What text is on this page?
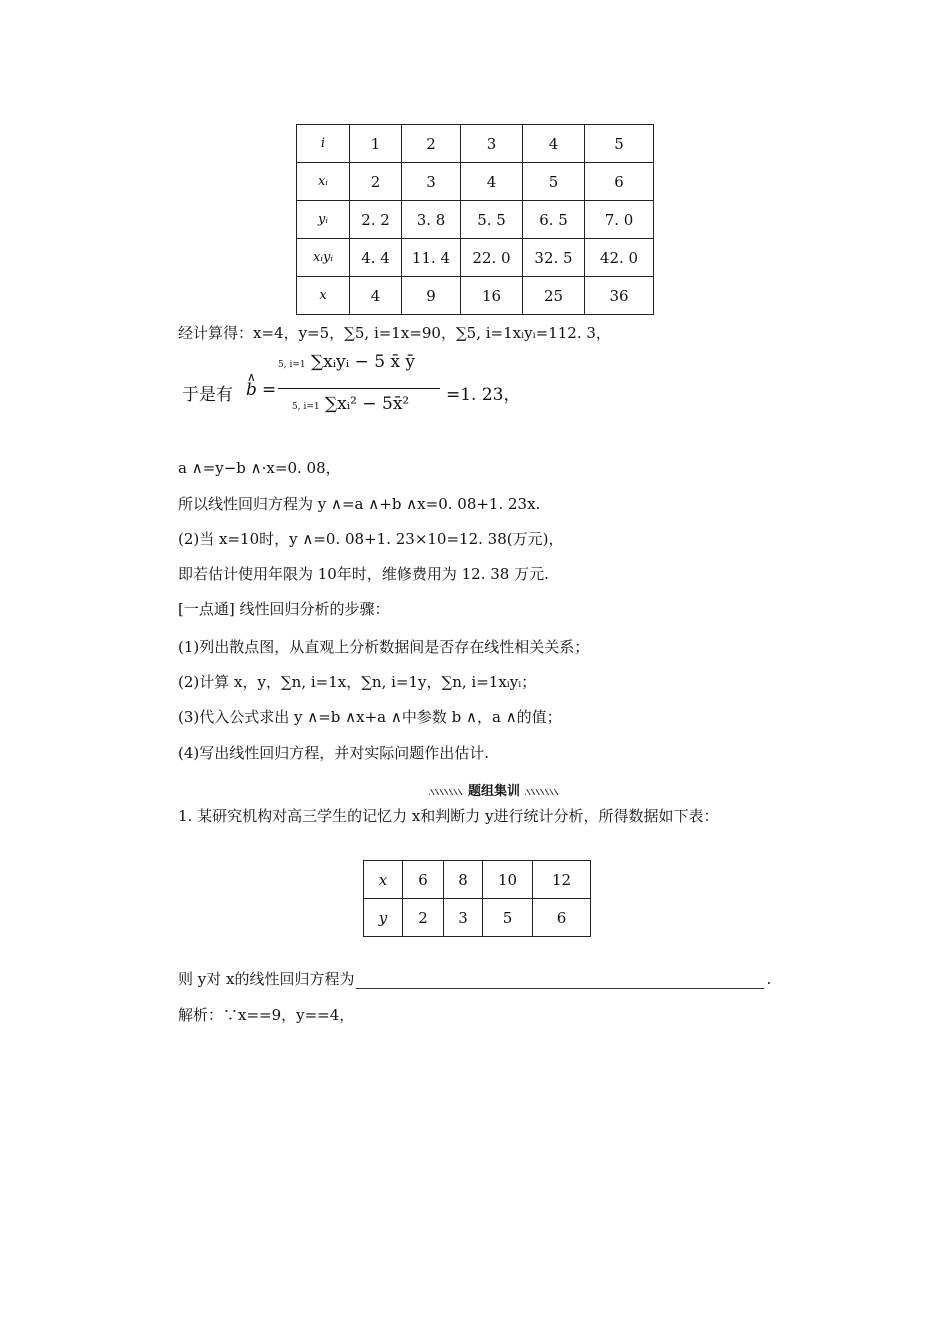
i	1	2	3	4	5
xᵢ	2	3	4	5	6
yᵢ	2. 2	3. 8	5. 5	6. 5	7. 0
xᵢyᵢ	4. 4	11. 4	22. 0	32. 5	42. 0
x	4	9	16	25	36
经计算得：x=4，y=5，∑5, i=1x=90，∑5, i=1xᵢyᵢ=112. 3，
于是有
∧
b =
5, i=1 ∑xᵢyᵢ − 5 x̄ ȳ
5, i=1 ∑xᵢ² − 5x̄² =1. 23，
a ∧=y−b ∧·x=0. 08，
所以线性回归方程为 y ∧=a ∧+b ∧x=0. 08+1. 23x.
(2)当 x=10时，y ∧=0. 08+1. 23×10=12. 38(万元)，
即若估计使用年限为 10年时，维修费用为 12. 38 万元.
[一点通] 线性回归分析的步骤：
(1)列出散点图，从直观上分析数据间是否存在线性相关关系；
(2)计算 x，y，∑n, i=1x，∑n, i=1y，∑n, i=1xᵢyᵢ；
(3)代入公式求出 y ∧=b ∧x+a ∧中参数 b ∧，a ∧的值；
(4)写出线性回归方程，并对实际问题作出估计.
题组集训
1. 某研究机构对高三学生的记忆力 x和判断力 y进行统计分析，所得数据如下表：
x	6	8	10	12
y	2	3	5	6
则 y对 x的线性回归方程为	.
解析：∵x==9，y==4，
